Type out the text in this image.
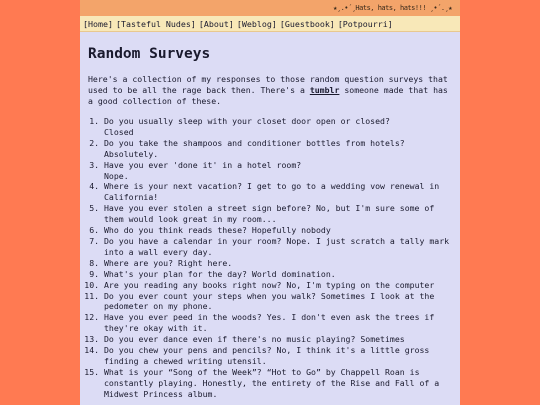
★¸.•´¸Hats, hats, hats!!! ¸•´.¸★
[Home] [Tasteful Nudes] [About] [Weblog] [Guestbook] [Potpourri]
Random Surveys

Here's a collection of my responses to those random question surveys that used to be all the rage back then. There's a tumblr someone made that has a good collection of these.

1. Do you usually sleep with your closet door open or closed?
Closed
2. Do you take the shampoos and conditioner bottles from hotels? Absolutely.
3. Have you ever 'done it' in a hotel room?
Nope.
4. Where is your next vacation? I get to go to a wedding vow renewal in California!
5. Have you ever stolen a street sign before? No, but I'm sure some of them would look great in my room...
6. Who do you think reads these? Hopefully nobody
7. Do you have a calendar in your room? Nope. I just scratch a tally mark into a wall every day.
8. Where are you? Right here.
9. What's your plan for the day? World domination.
10. Are you reading any books right now? No, I'm typing on the computer
11. Do you ever count your steps when you walk? Sometimes I look at the pedometer on my phone.
12. Have you ever peed in the woods? Yes. I don't even ask the trees if they're okay with it.
13. Do you ever dance even if there's no music playing? Sometimes
14. Do you chew your pens and pencils? No, I think it's a little gross finding a chewed writing utensil.
15. What is your “Song of the Week”? “Hot to Go” by Chappell Roan is constantly playing. Honestly, the entirety of the Rise and Fall of a Midwest Princess album.
